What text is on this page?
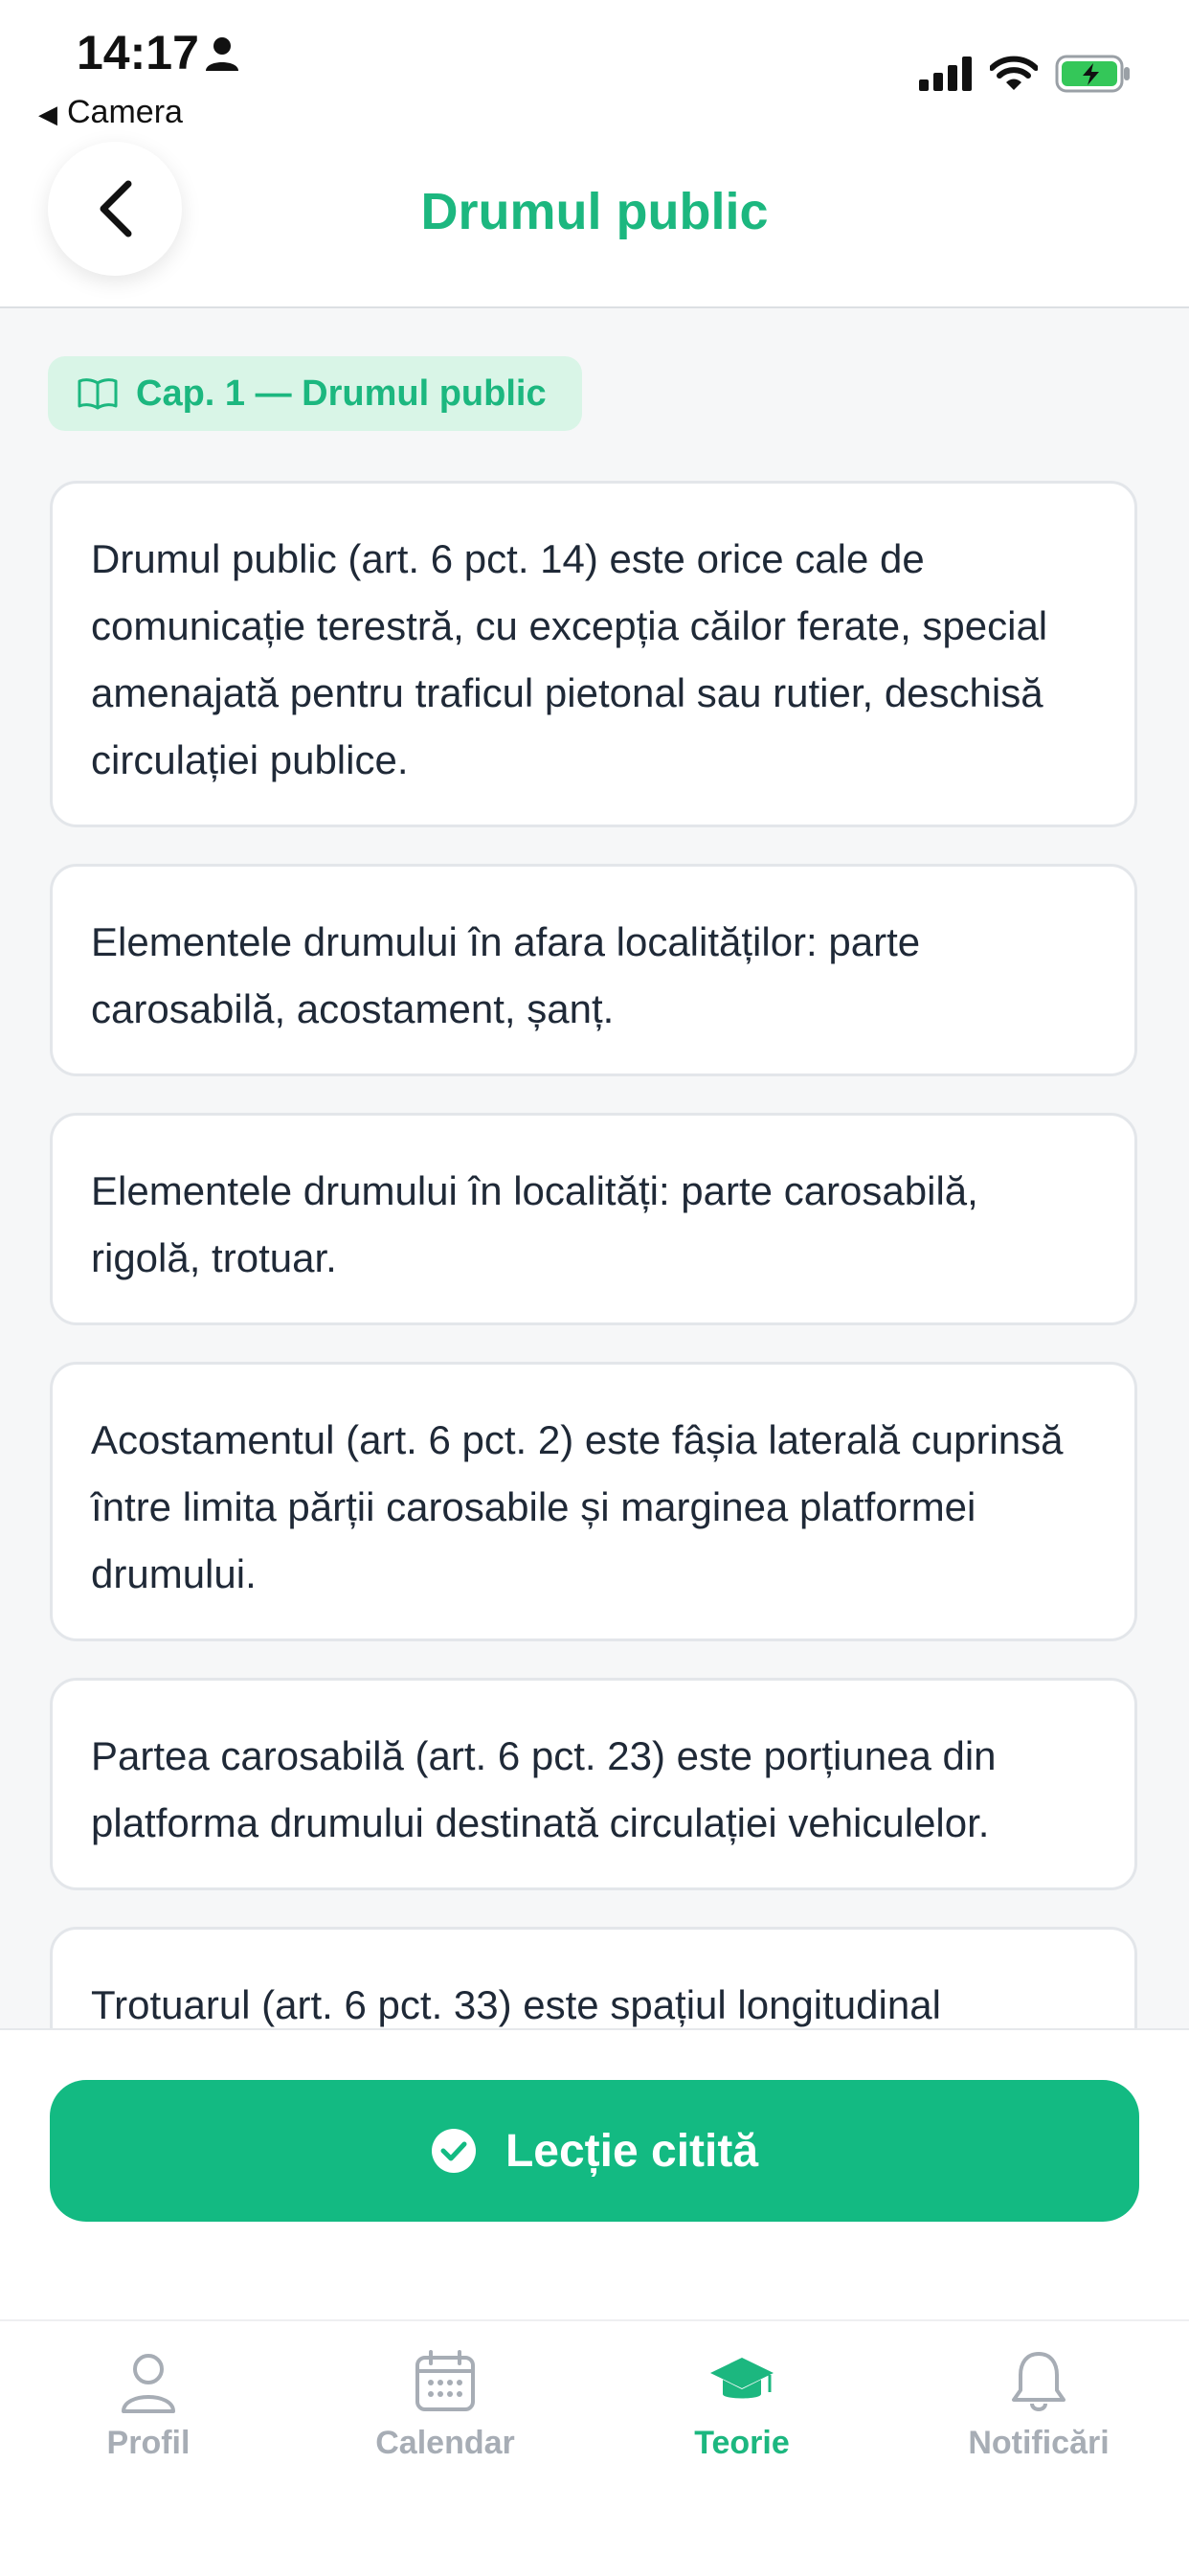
14:17
◀ Camera
Drumul public
Cap. 1 — Drumul public
Drumul public (art. 6 pct. 14) este orice cale de comunicație terestră, cu excepția căilor ferate, special amenajată pentru traficul pietonal sau rutier, deschisă circulației publice.
Elementele drumului în afara localităților: parte carosabilă, acostament, șanț.
Elementele drumului în localități: parte carosabilă, rigolă, trotuar.
Acostamentul (art. 6 pct. 2) este fâșia laterală cuprinsă între limita părții carosabile și marginea platformei drumului.
Partea carosabilă (art. 6 pct. 23) este porțiunea din platforma drumului destinată circulației vehiculelor.
Trotuarul (art. 6 pct. 33) este spațiul longitudinal
Lecție citită
Profil	Calendar	Teorie	Notificări
